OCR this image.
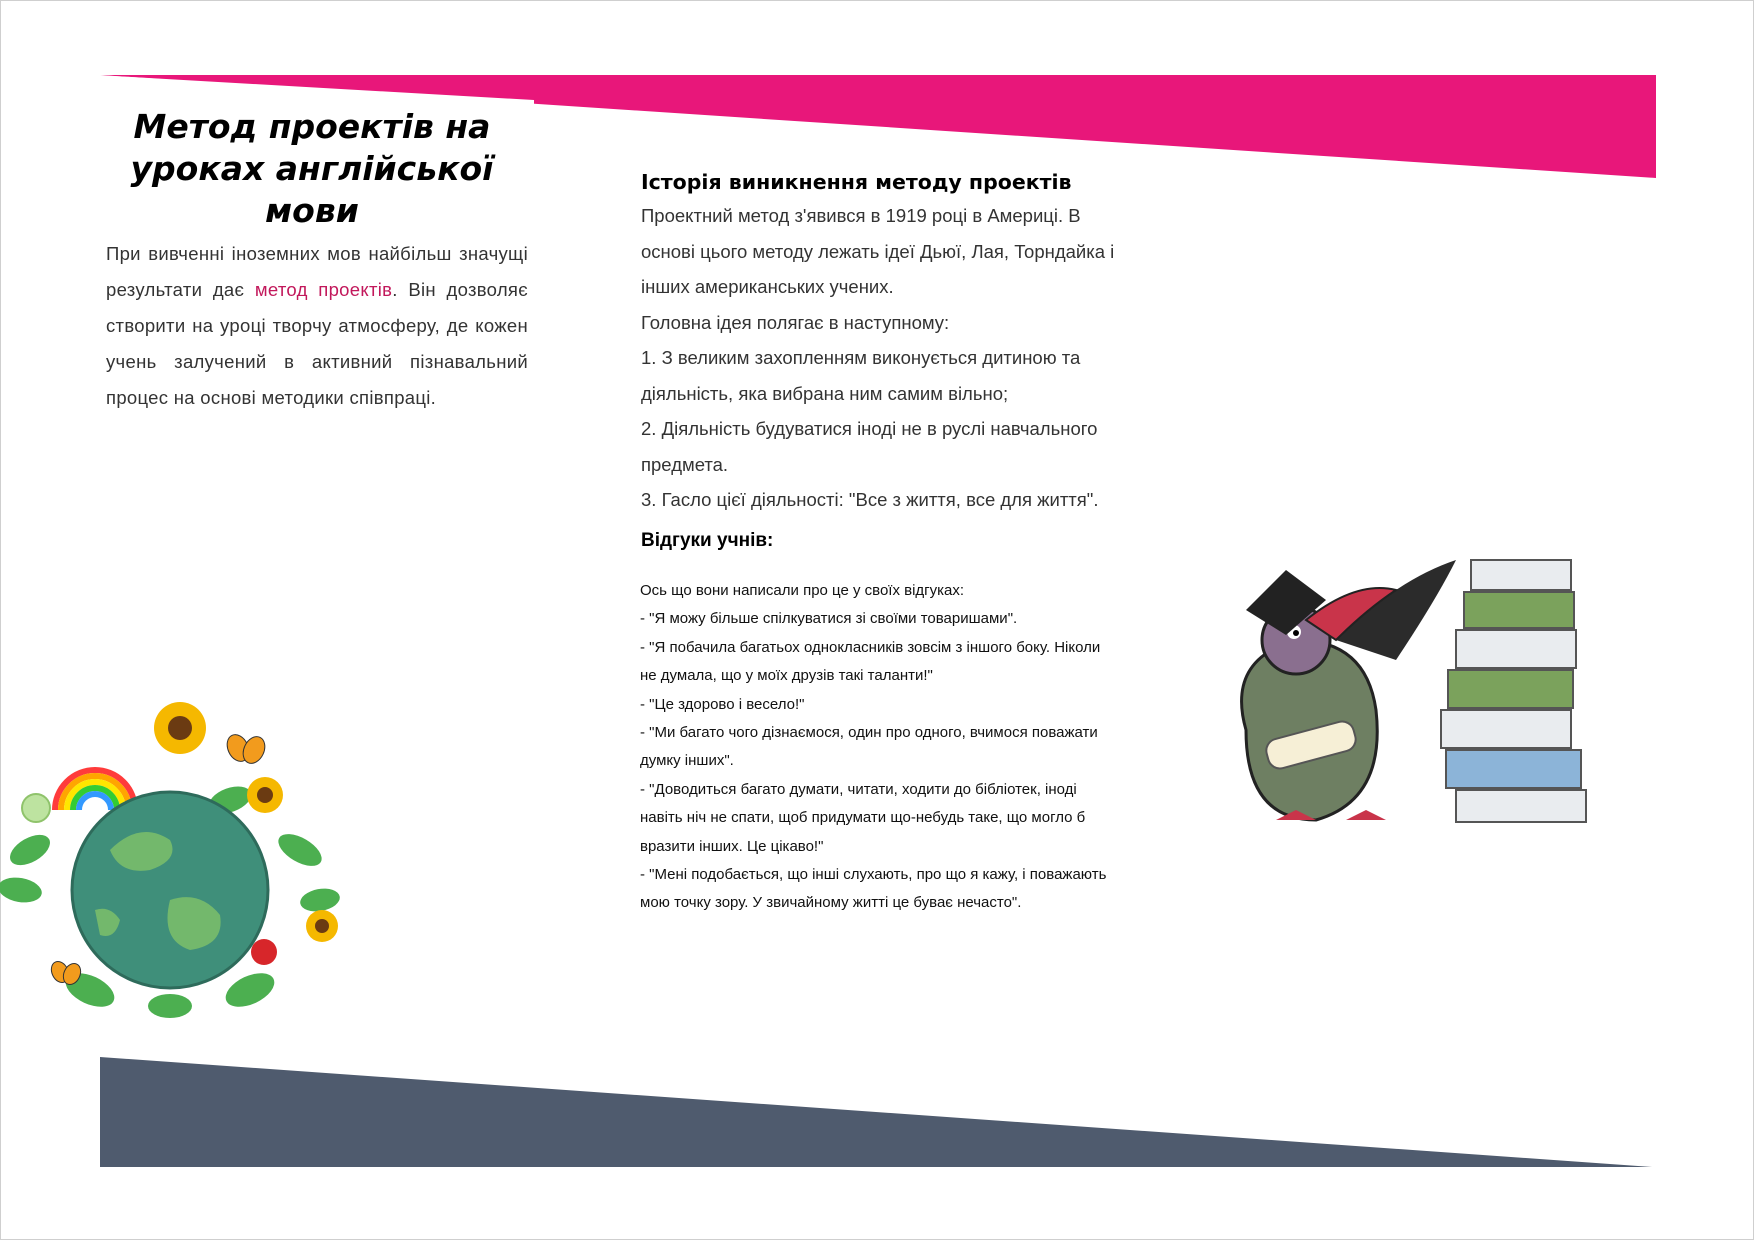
Метод проектів на
уроках англійської мови

При вивченні іноземних мов найбільш значущі результати дає метод проектів. Він дозволяє створити на уроці творчу атмосферу, де кожен учень залучений в активний пізнавальний процес на основі методики співпраці.

Історія виникнення методу проектів

Проектний метод з'явився в 1919 році в Америці. В основі цього методу лежать ідеї Дьюї, Лая, Торндайка і інших американських учених.

Головна ідея полягає в наступному:

1. З великим захопленням виконується дитиною та діяльність, яка вибрана ним самим вільно;

2. Діяльність будуватися іноді не в руслі навчального предмета.

3. Гасло цієї діяльності: "Все з життя, все для життя".

Відгуки учнів:

Ось що вони написали про це у своїх відгуках:

- "Я можу більше спілкуватися зі своїми товаришами".

- "Я побачила багатьох однокласників зовсім з іншого боку. Ніколи не думала, що у моїх друзів такі таланти!"

- "Це здорово і весело!"

- "Ми багато чого дізнаємося, один про одного, вчимося поважати думку інших".

- "Доводиться багато думати, читати, ходити до бібліотек, іноді навіть ніч не спати, щоб придумати що-небудь таке, що могло б вразити інших. Це цікаво!"

- "Мені подобається, що інші слухають, про що я кажу, і поважають мою точку зору. У звичайному житті це буває нечасто".
